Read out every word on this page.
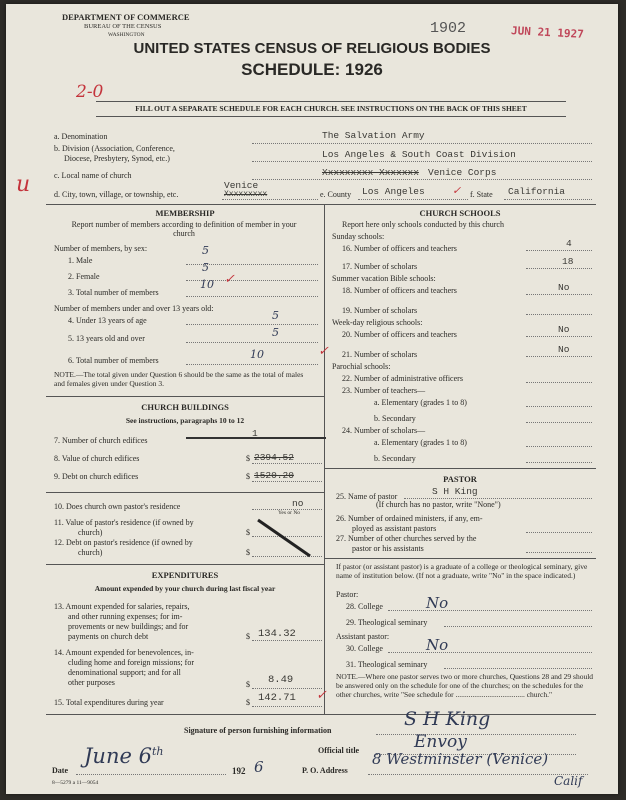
DEPARTMENT OF COMMERCE
BUREAU OF THE CENSUS
WASHINGTON	1902	JUN 21 1927
UNITED STATES CENSUS OF RELIGIOUS BODIES
SCHEDULE: 1926
2-0
FILL OUT A SEPARATE SCHEDULE FOR EACH CHURCH. SEE INSTRUCTIONS ON THE BACK OF THIS SHEET
u
a. Denomination	The Salvation Army
b. Division (Association, Conference,
Diocese, Presbytery, Synod, etc.)	Los Angeles & South Coast Division
c. Local name of church	Xxxxxxxxx Xxxxxxx Venice Corps
d. City, town, village, or township, etc.
Venice
Xxxxxxxxx	e. County Los Angeles ✓ f. State California
MEMBERSHIP
Report number of members according to definition of member in your church
Number of members, by sex:
1. Male
5
2. Female
5
3. Total number of members
10 ✓
Number of members under and over 13 years old:
4. Under 13 years of age	5
5. 13 years old and over	5
6. Total number of members	10	✓
NOTE.—The total given under Question 6 should be the same as the total of males and females given under Question 3.
CHURCH BUILDINGS
See instructions, paragraphs 10 to 12
7. Number of church edifices
1
8. Value of church edifices	$ 2394.52
9. Debt on church edifices	$ 1520.20
10. Does church own pastor's residence	no
Yes or No
11. Value of pastor's residence (if owned by
church)	$
12. Debt on pastor's residence (if owned by
church)	$
EXPENDITURES
Amount expended by your church during last fiscal year
13. Amount expended for salaries, repairs,
and other running expenses; for im-
provements or new buildings; and for
payments on church debt	$ 134.32
14. Amount expended for benevolences, in-
cluding home and foreign missions; for
denominational support; and for all
other purposes	$ 8.49
15. Total expenditures during year	$ 142.71 ✓
CHURCH SCHOOLS
Report here only schools conducted by this church
Sunday schools:
16. Number of officers and teachers	4
17. Number of scholars	18
Summer vacation Bible schools:
18. Number of officers and teachers	No
19. Number of scholars
Week-day religious schools:
20. Number of officers and teachers	No
21. Number of scholars	No
Parochial schools:
22. Number of administrative officers
23. Number of teachers—
a. Elementary (grades 1 to 8)
b. Secondary
24. Number of scholars—
a. Elementary (grades 1 to 8)
b. Secondary
PASTOR
25. Name of pastor	S H King
(If church has no pastor, write "None")
26. Number of ordained ministers, if any, em-
ployed as assistant pastors
27. Number of other churches served by the
pastor or his assistants
If pastor (or assistant pastor) is a graduate of a college or theological seminary, give name of institution below. (If not a graduate, write "No" in the space indicated.)
Pastor:
28. College	No
29. Theological seminary
Assistant pastor:
30. College	No
31. Theological seminary
NOTE.—Where one pastor serves two or more churches, Questions 28 and 29 should be answered only on the schedule for one of the churches; on the schedules for the other churches, write "See schedule for ..................................... church."
Signature of person furnishing information
S H King
Official title	Envoy
Date
June 6th
192 6	P. O. Address
8 Westminster (Venice)
Calif
8—5279 a 11—9054
